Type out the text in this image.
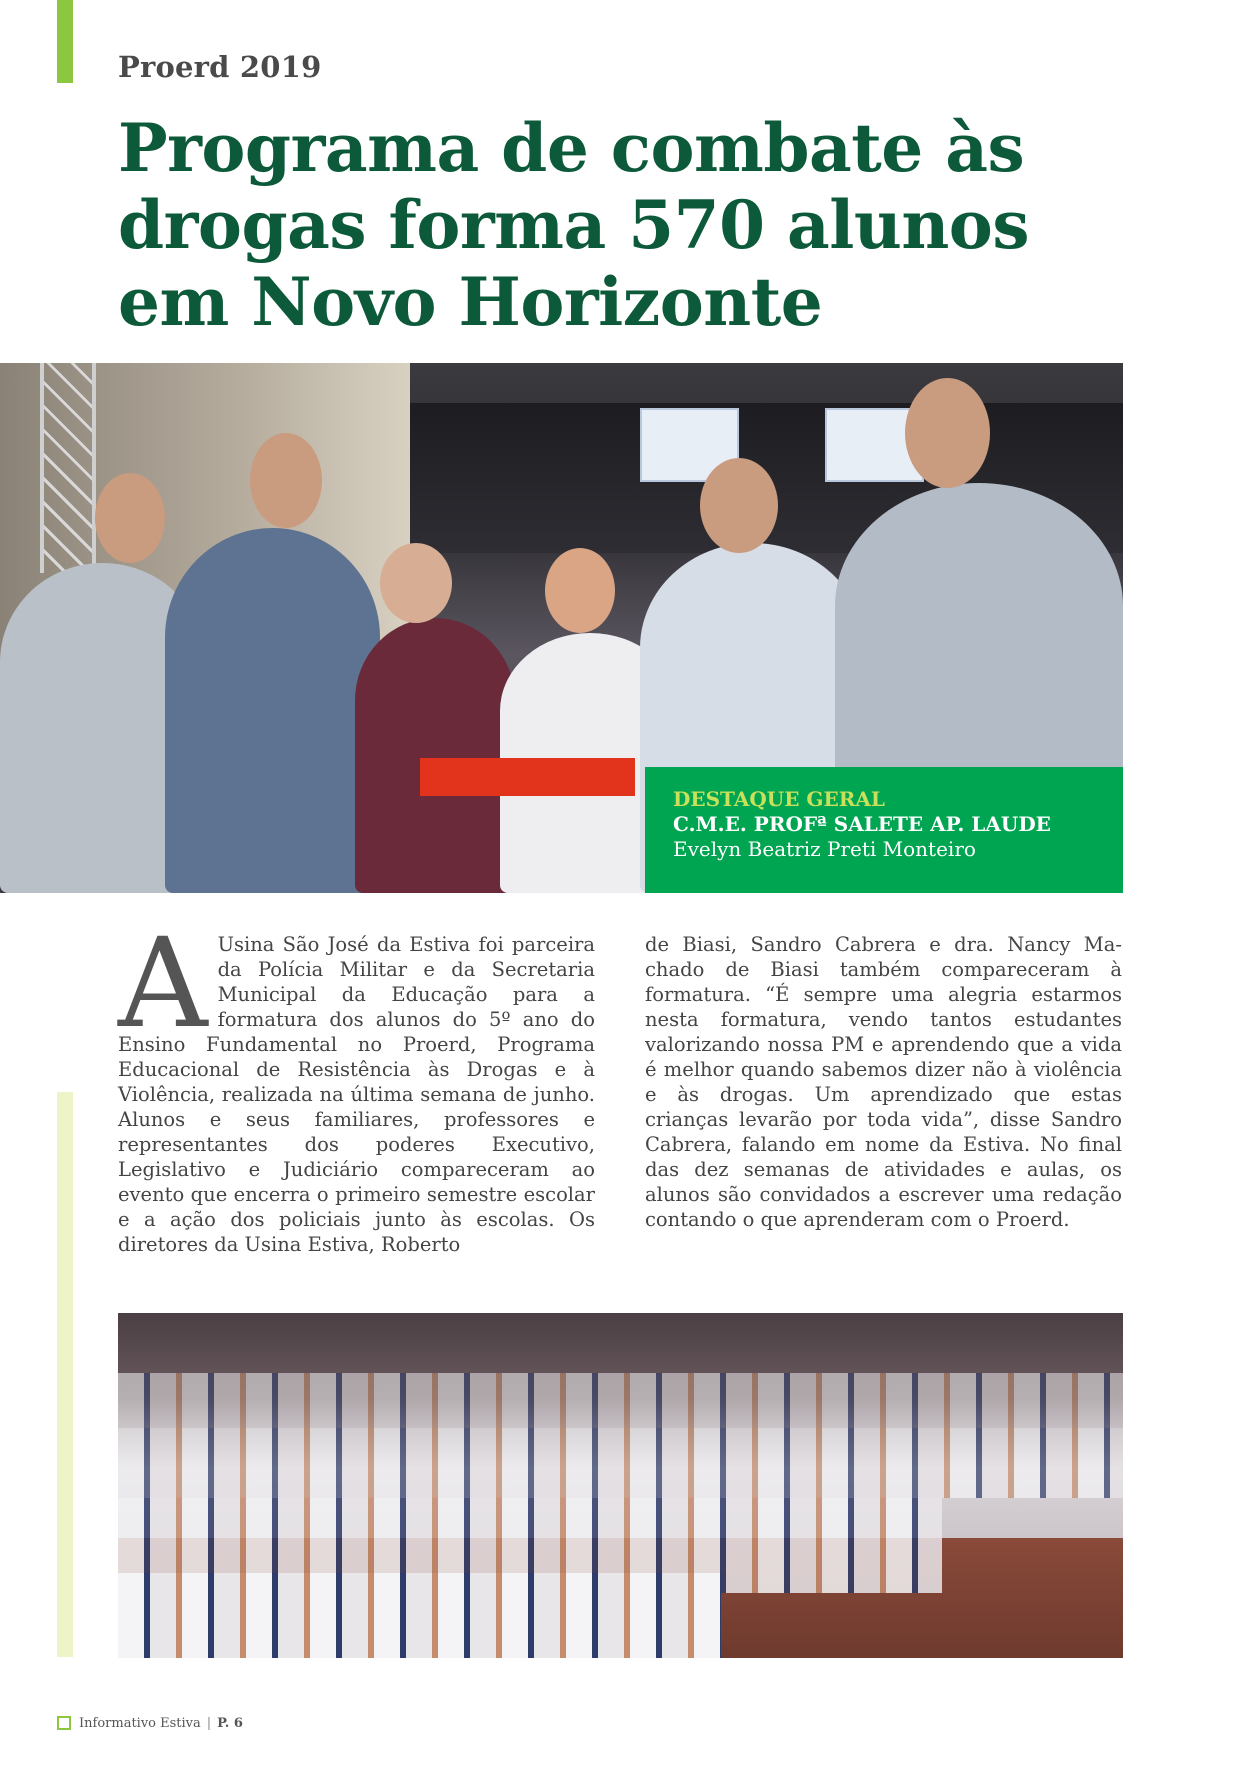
Proerd 2019
Programa de combate às
drogas forma 570 alunos
em Novo Horizonte
DESTAQUE GERAL
C.M.E. PROFª SALETE AP. LAUDE
Evelyn Beatriz Preti Monteiro
A Usina São José da Estiva foi parceira da Polícia Militar e da Secretaria Municipal da Educação para a formatura dos alunos do 5º ano do Ensino Fundamental no Proerd, Programa Educacional de Resistência às Drogas e à Violência, realizada na última semana de junho. Alunos e seus familiares, professores e representantes dos poderes Executivo, Legislativo e Judiciário compareceram ao evento que encerra o primeiro semestre escolar e a ação dos policiais junto às escolas. Os diretores da Usina Estiva, Roberto

de Biasi, Sandro Cabrera e dra. Nancy Machado de Biasi também compareceram à formatura. “É sempre uma alegria estarmos nesta formatura, vendo tantos estudantes valorizando nossa PM e aprendendo que a vida é melhor quando sabemos dizer não à violência e às drogas. Um aprendizado que estas crianças levarão por toda vida”, disse Sandro Cabrera, falando em nome da Estiva. No final das dez semanas de atividades e aulas, os alunos são convidados a escrever uma redação contando o que aprenderam com o Proerd.

Informativo Estiva | P. 6
